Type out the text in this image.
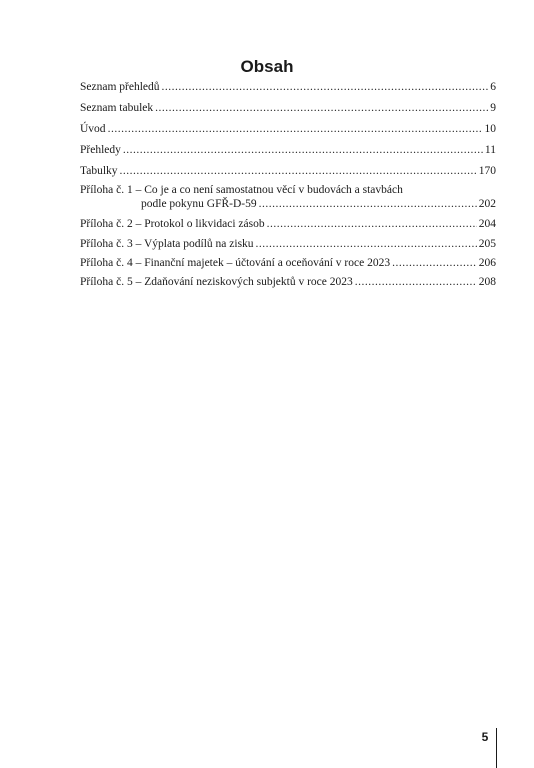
Obsah
Seznam přehledů .....	6
Seznam tabulek .....	9
Úvod .....	10
Přehledy .....	11
Tabulky .....	170
Příloha č. 1 – Co je a co není samostatnou věcí v budovách a stavbách
podle pokynu GFŘ-D-59 .....	202
Příloha č. 2 – Protokol o likvidaci zásob .....	204
Příloha č. 3 – Výplata podílů na zisku .....	205
Příloha č. 4 – Finanční majetek – účtování a oceňování v roce 2023 .....	206
Příloha č. 5 – Zdaňování neziskových subjektů v roce 2023 .....	208
5
